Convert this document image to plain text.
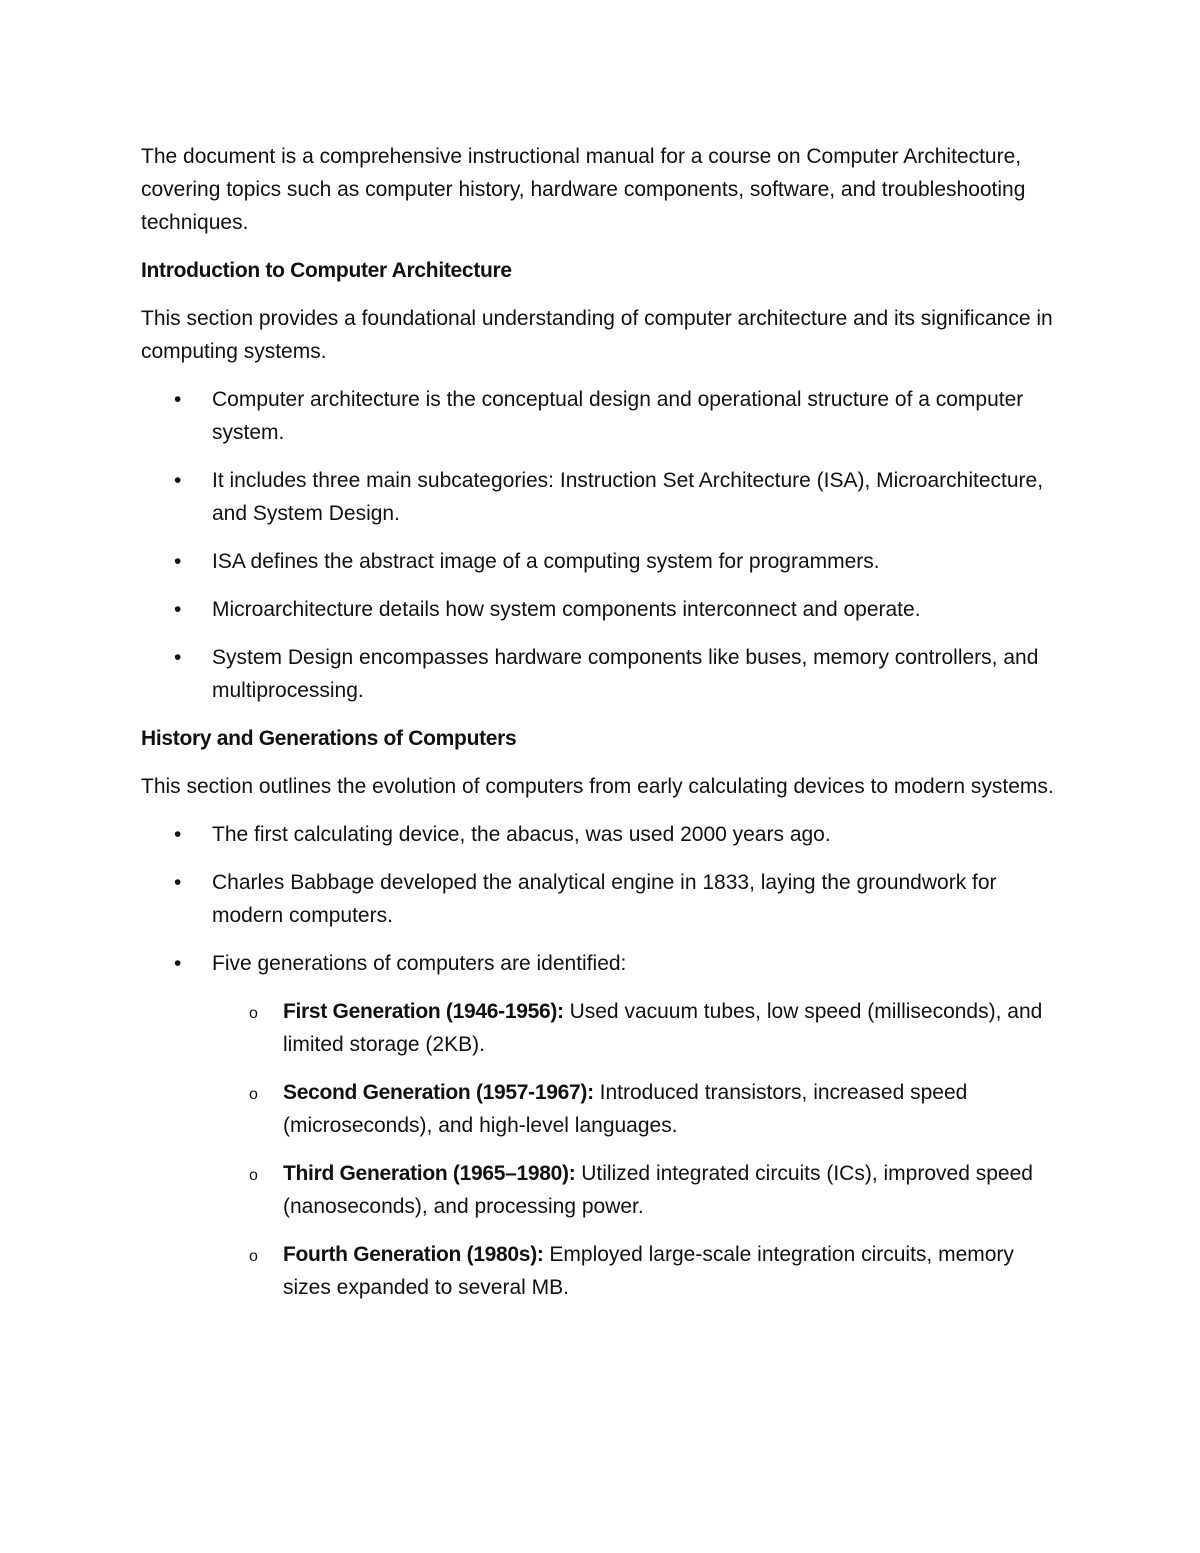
The document is a comprehensive instructional manual for a course on Computer Architecture, covering topics such as computer history, hardware components, software, and troubleshooting techniques.

Introduction to Computer Architecture

This section provides a foundational understanding of computer architecture and its significance in computing systems.

• Computer architecture is the conceptual design and operational structure of a computer system.
• It includes three main subcategories: Instruction Set Architecture (ISA), Microarchitecture, and System Design.
• ISA defines the abstract image of a computing system for programmers.
• Microarchitecture details how system components interconnect and operate.
• System Design encompasses hardware components like buses, memory controllers, and multiprocessing.
History and Generations of Computers

This section outlines the evolution of computers from early calculating devices to modern systems.

• The first calculating device, the abacus, was used 2000 years ago.
• Charles Babbage developed the analytical engine in 1833, laying the groundwork for modern computers.
• Five generations of computers are identified:
o First Generation (1946-1956): Used vacuum tubes, low speed (milliseconds), and limited storage (2KB).
o Second Generation (1957-1967): Introduced transistors, increased speed (microseconds), and high-level languages.
o Third Generation (1965–1980): Utilized integrated circuits (ICs), improved speed (nanoseconds), and processing power.
o Fourth Generation (1980s): Employed large-scale integration circuits, memory sizes expanded to several MB.
